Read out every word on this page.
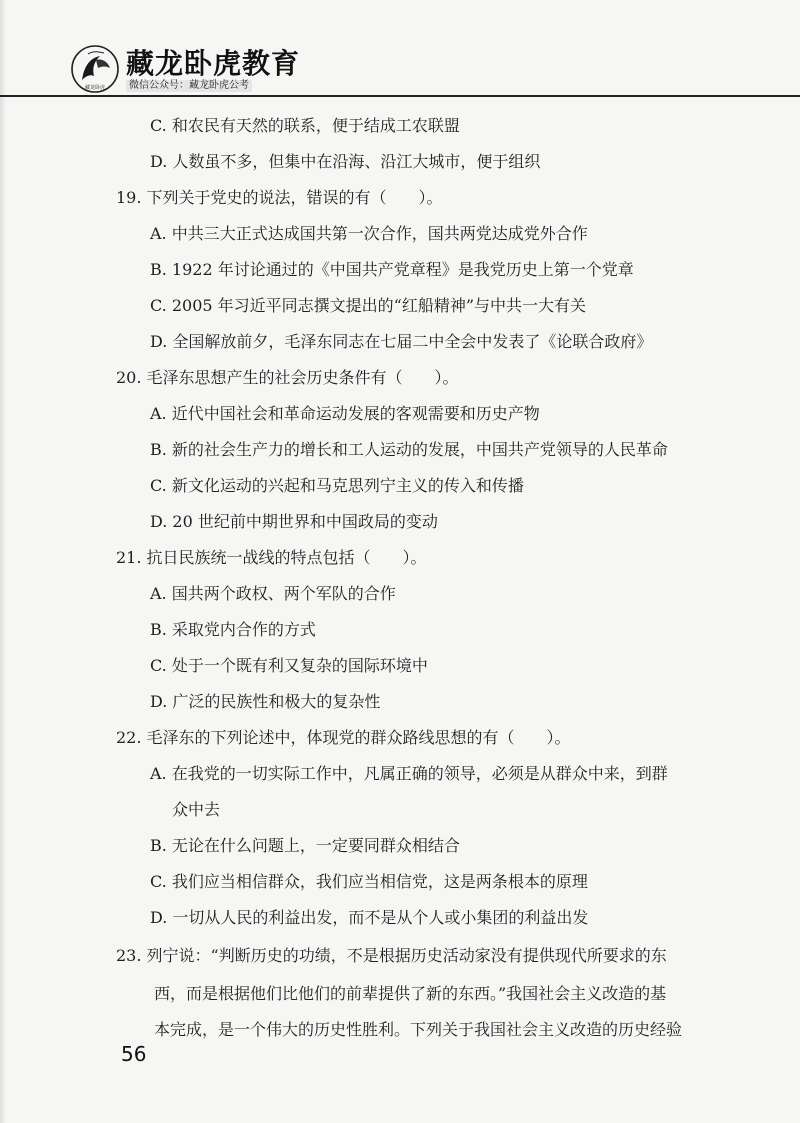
藏龙卧虎
藏龙卧虎教育
微信公众号：藏龙卧虎公考
C. 和农民有天然的联系，便于结成工农联盟
D. 人数虽不多，但集中在沿海、沿江大城市，便于组织
19. 下列关于党史的说法，错误的有（　　）。
A. 中共三大正式达成国共第一次合作，国共两党达成党外合作
B. 1922 年讨论通过的《中国共产党章程》是我党历史上第一个党章
C. 2005 年习近平同志撰文提出的“红船精神”与中共一大有关
D. 全国解放前夕，毛泽东同志在七届二中全会中发表了《论联合政府》
20. 毛泽东思想产生的社会历史条件有（　　）。
A. 近代中国社会和革命运动发展的客观需要和历史产物
B. 新的社会生产力的增长和工人运动的发展，中国共产党领导的人民革命
C. 新文化运动的兴起和马克思列宁主义的传入和传播
D. 20 世纪前中期世界和中国政局的变动
21. 抗日民族统一战线的特点包括（　　）。
A. 国共两个政权、两个军队的合作
B. 采取党内合作的方式
C. 处于一个既有利又复杂的国际环境中
D. 广泛的民族性和极大的复杂性
22. 毛泽东的下列论述中，体现党的群众路线思想的有（　　）。
A. 在我党的一切实际工作中，凡属正确的领导，必须是从群众中来，到群
众中去
B. 无论在什么问题上，一定要同群众相结合
C. 我们应当相信群众，我们应当相信党，这是两条根本的原理
D. 一切从人民的利益出发，而不是从个人或小集团的利益出发
23. 列宁说：“判断历史的功绩，不是根据历史活动家没有提供现代所要求的东
西，而是根据他们比他们的前辈提供了新的东西。”我国社会主义改造的基
本完成，是一个伟大的历史性胜利。下列关于我国社会主义改造的历史经验
56
